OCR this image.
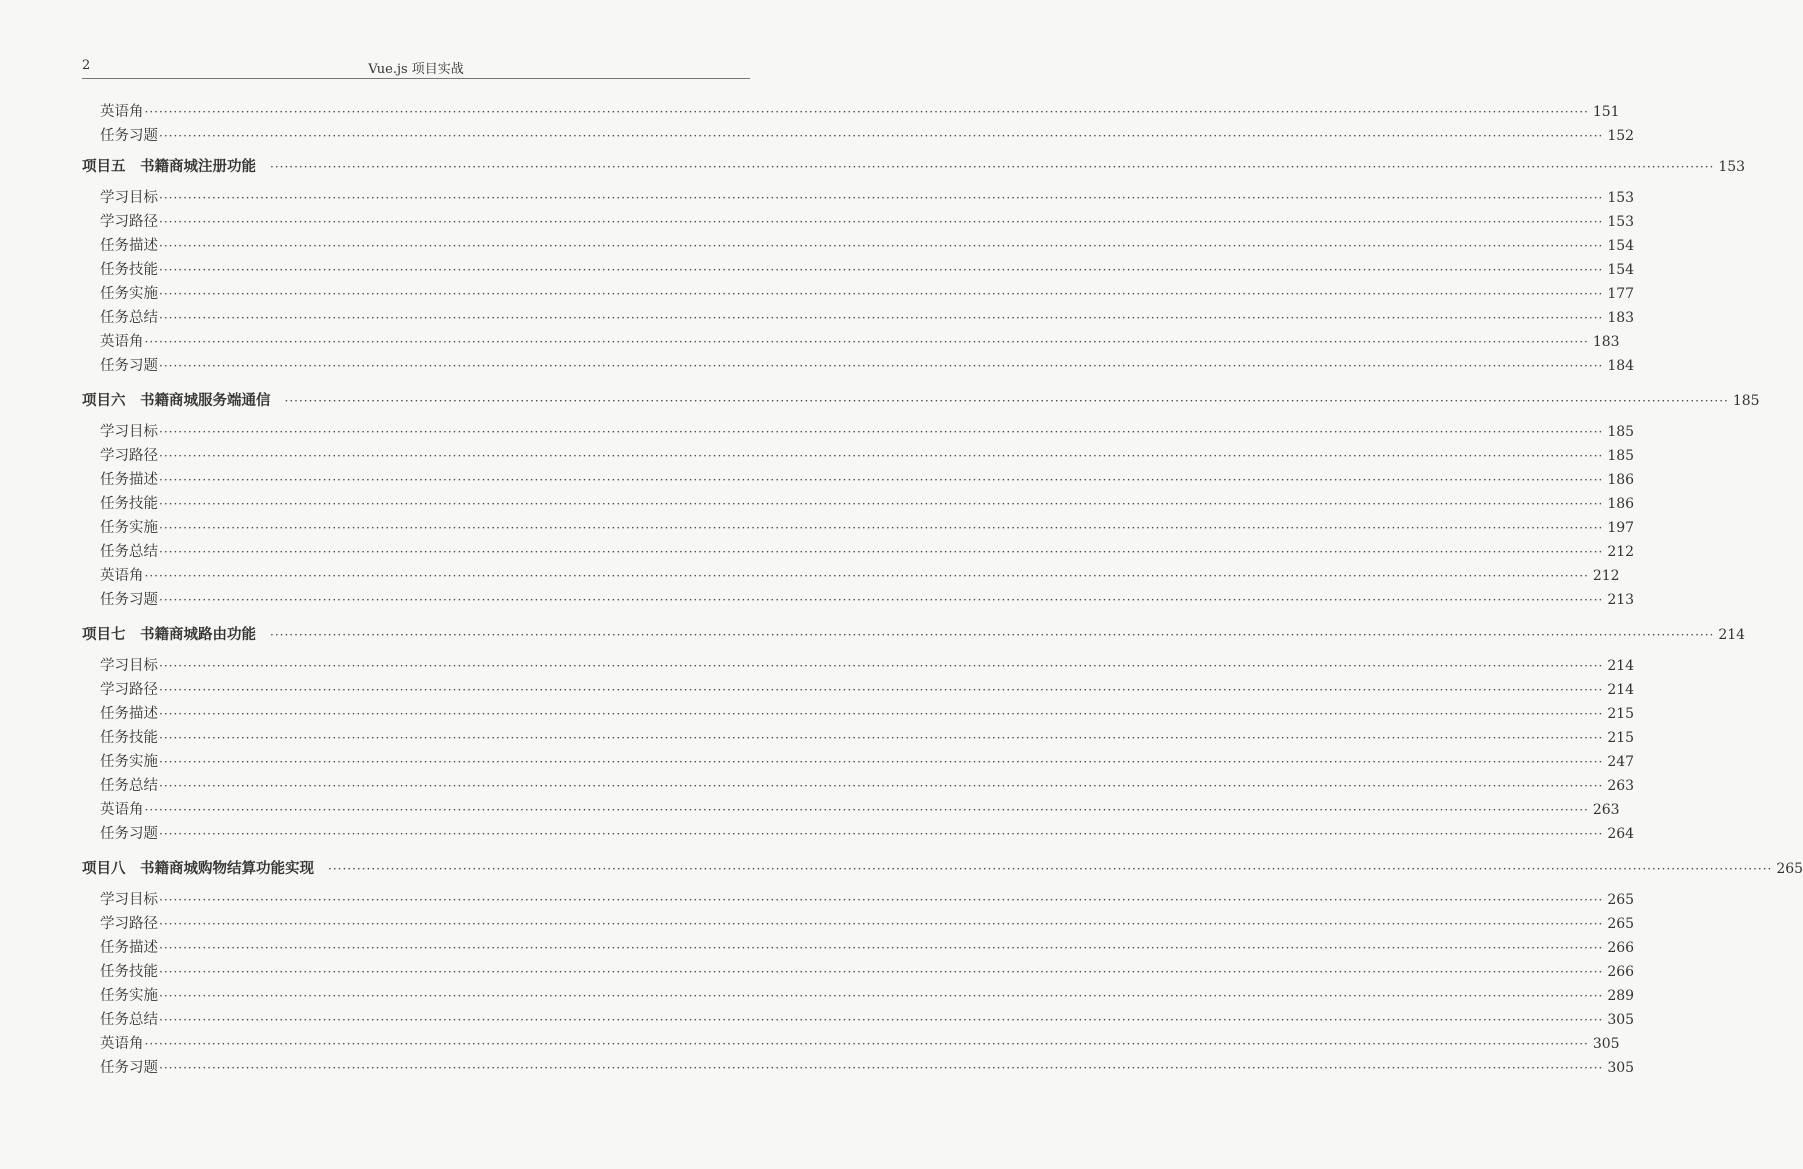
2	Vue.js 项目实战
英语角 ············································································································································································································································································································ 151
任务习题 ············································································································································································································································································································ 152
项目五　书籍商城注册功能 ············································································································································································································································································································ 153
学习目标 ············································································································································································································································································································ 153
学习路径 ············································································································································································································································································································ 153
任务描述 ············································································································································································································································································································ 154
任务技能 ············································································································································································································································································································ 154
任务实施 ············································································································································································································································································································ 177
任务总结 ············································································································································································································································································································ 183
英语角 ············································································································································································································································································································ 183
任务习题 ············································································································································································································································································································ 184
项目六　书籍商城服务端通信 ············································································································································································································································································································ 185
学习目标 ············································································································································································································································································································ 185
学习路径 ············································································································································································································································································································ 185
任务描述 ············································································································································································································································································································ 186
任务技能 ············································································································································································································································································································ 186
任务实施 ············································································································································································································································································································ 197
任务总结 ············································································································································································································································································································ 212
英语角 ············································································································································································································································································································ 212
任务习题 ············································································································································································································································································································ 213
项目七　书籍商城路由功能 ············································································································································································································································································································ 214
学习目标 ············································································································································································································································································································ 214
学习路径 ············································································································································································································································································································ 214
任务描述 ············································································································································································································································································································ 215
任务技能 ············································································································································································································································································································ 215
任务实施 ············································································································································································································································································································ 247
任务总结 ············································································································································································································································································································ 263
英语角 ············································································································································································································································································································ 263
任务习题 ············································································································································································································································································································ 264
项目八　书籍商城购物结算功能实现 ············································································································································································································································································································ 265
学习目标 ············································································································································································································································································································ 265
学习路径 ············································································································································································································································································································ 265
任务描述 ············································································································································································································································································································ 266
任务技能 ············································································································································································································································································································ 266
任务实施 ············································································································································································································································································································ 289
任务总结 ············································································································································································································································································································ 305
英语角 ············································································································································································································································································································ 305
任务习题 ············································································································································································································································································································ 305
